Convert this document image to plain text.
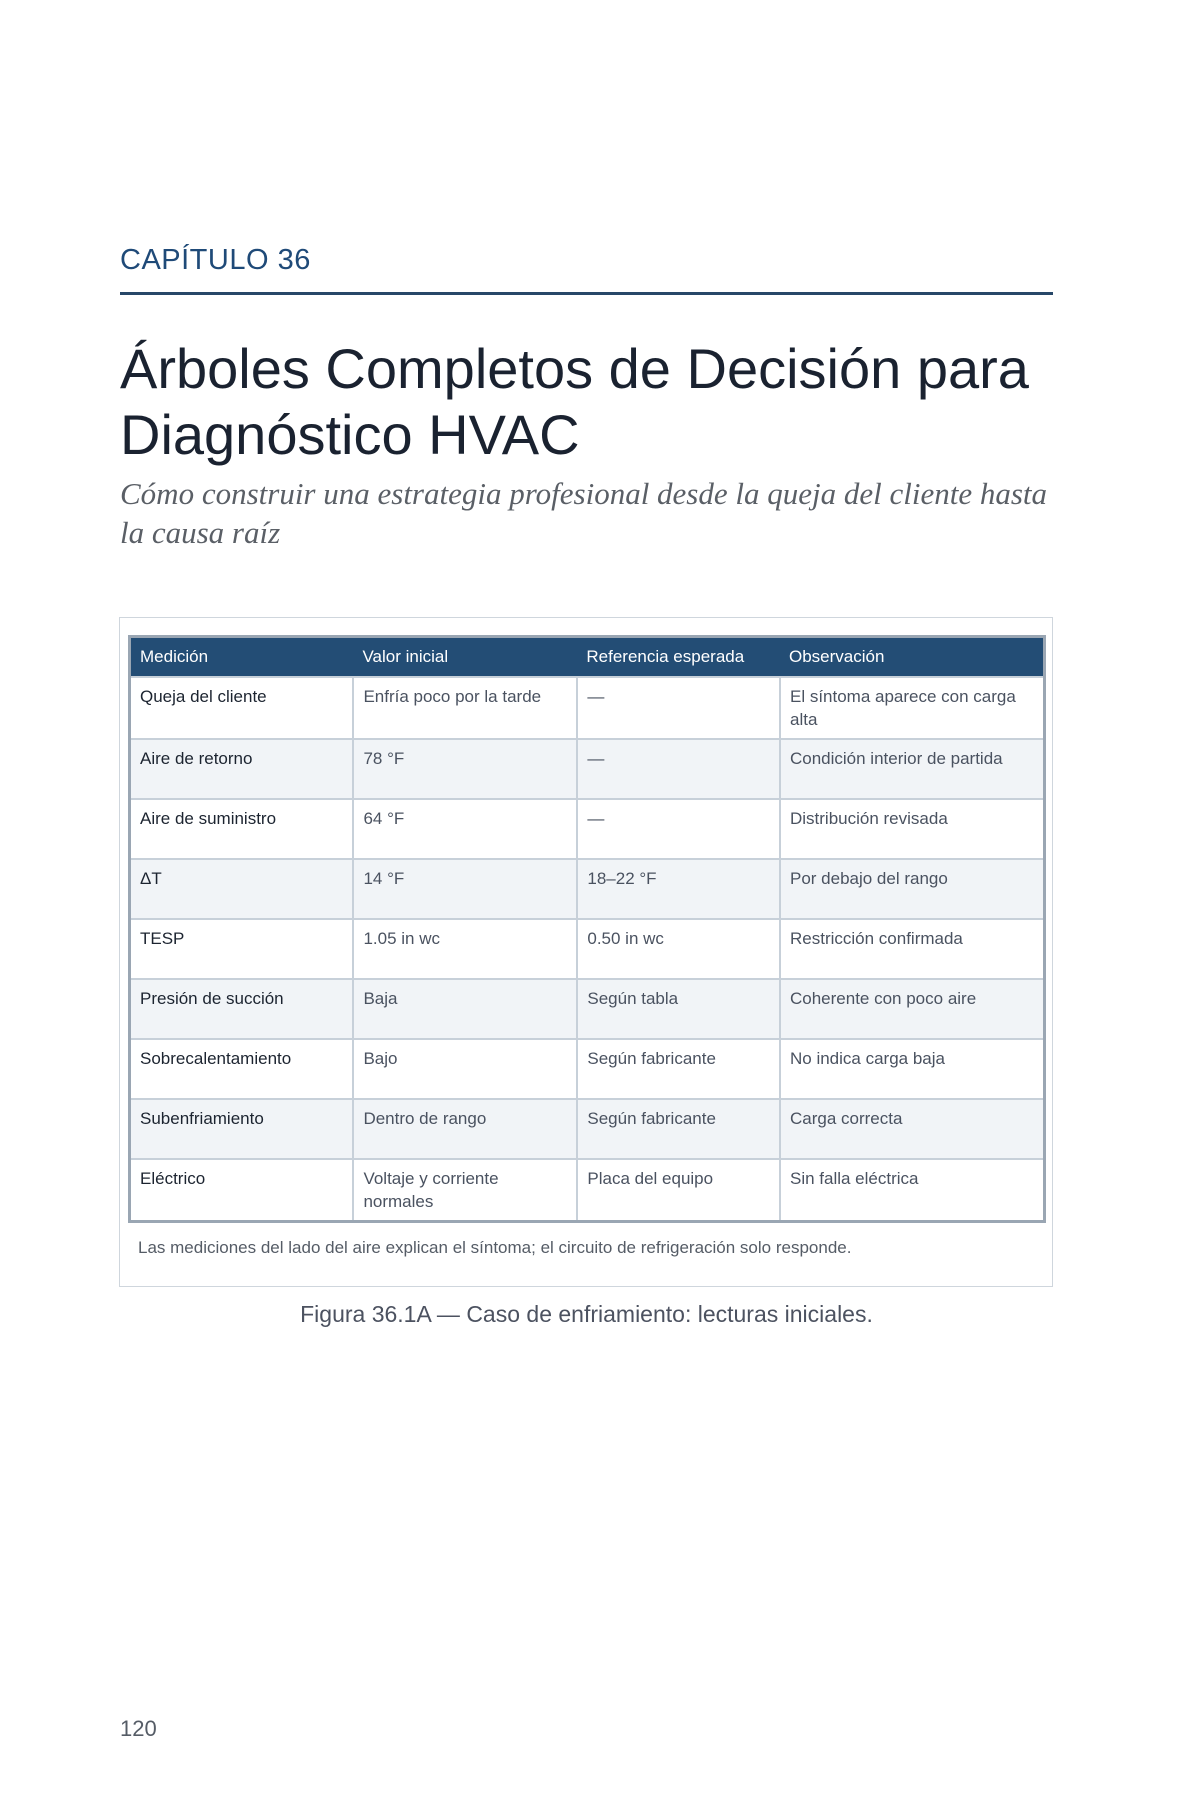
CAPÍTULO 36
Árboles Completos de Decisión para Diagnóstico HVAC

Cómo construir una estrategia profesional desde la queja del cliente hasta la causa raíz

Medición	Valor inicial	Referencia esperada	Observación
Queja del cliente	Enfría poco por la tarde	—	El síntoma aparece con carga alta
Aire de retorno	78 °F	—	Condición interior de partida
Aire de suministro	64 °F	—	Distribución revisada
ΔT	14 °F	18–22 °F	Por debajo del rango
TESP	1.05 in wc	0.50 in wc	Restricción confirmada
Presión de succión	Baja	Según tabla	Coherente con poco aire
Sobrecalentamiento	Bajo	Según fabricante	No indica carga baja
Subenfriamiento	Dentro de rango	Según fabricante	Carga correcta
Eléctrico	Voltaje y corriente normales	Placa del equipo	Sin falla eléctrica
Las mediciones del lado del aire explican el síntoma; el circuito de refrigeración solo responde.
Figura 36.1A — Caso de enfriamiento: lecturas iniciales.
120
